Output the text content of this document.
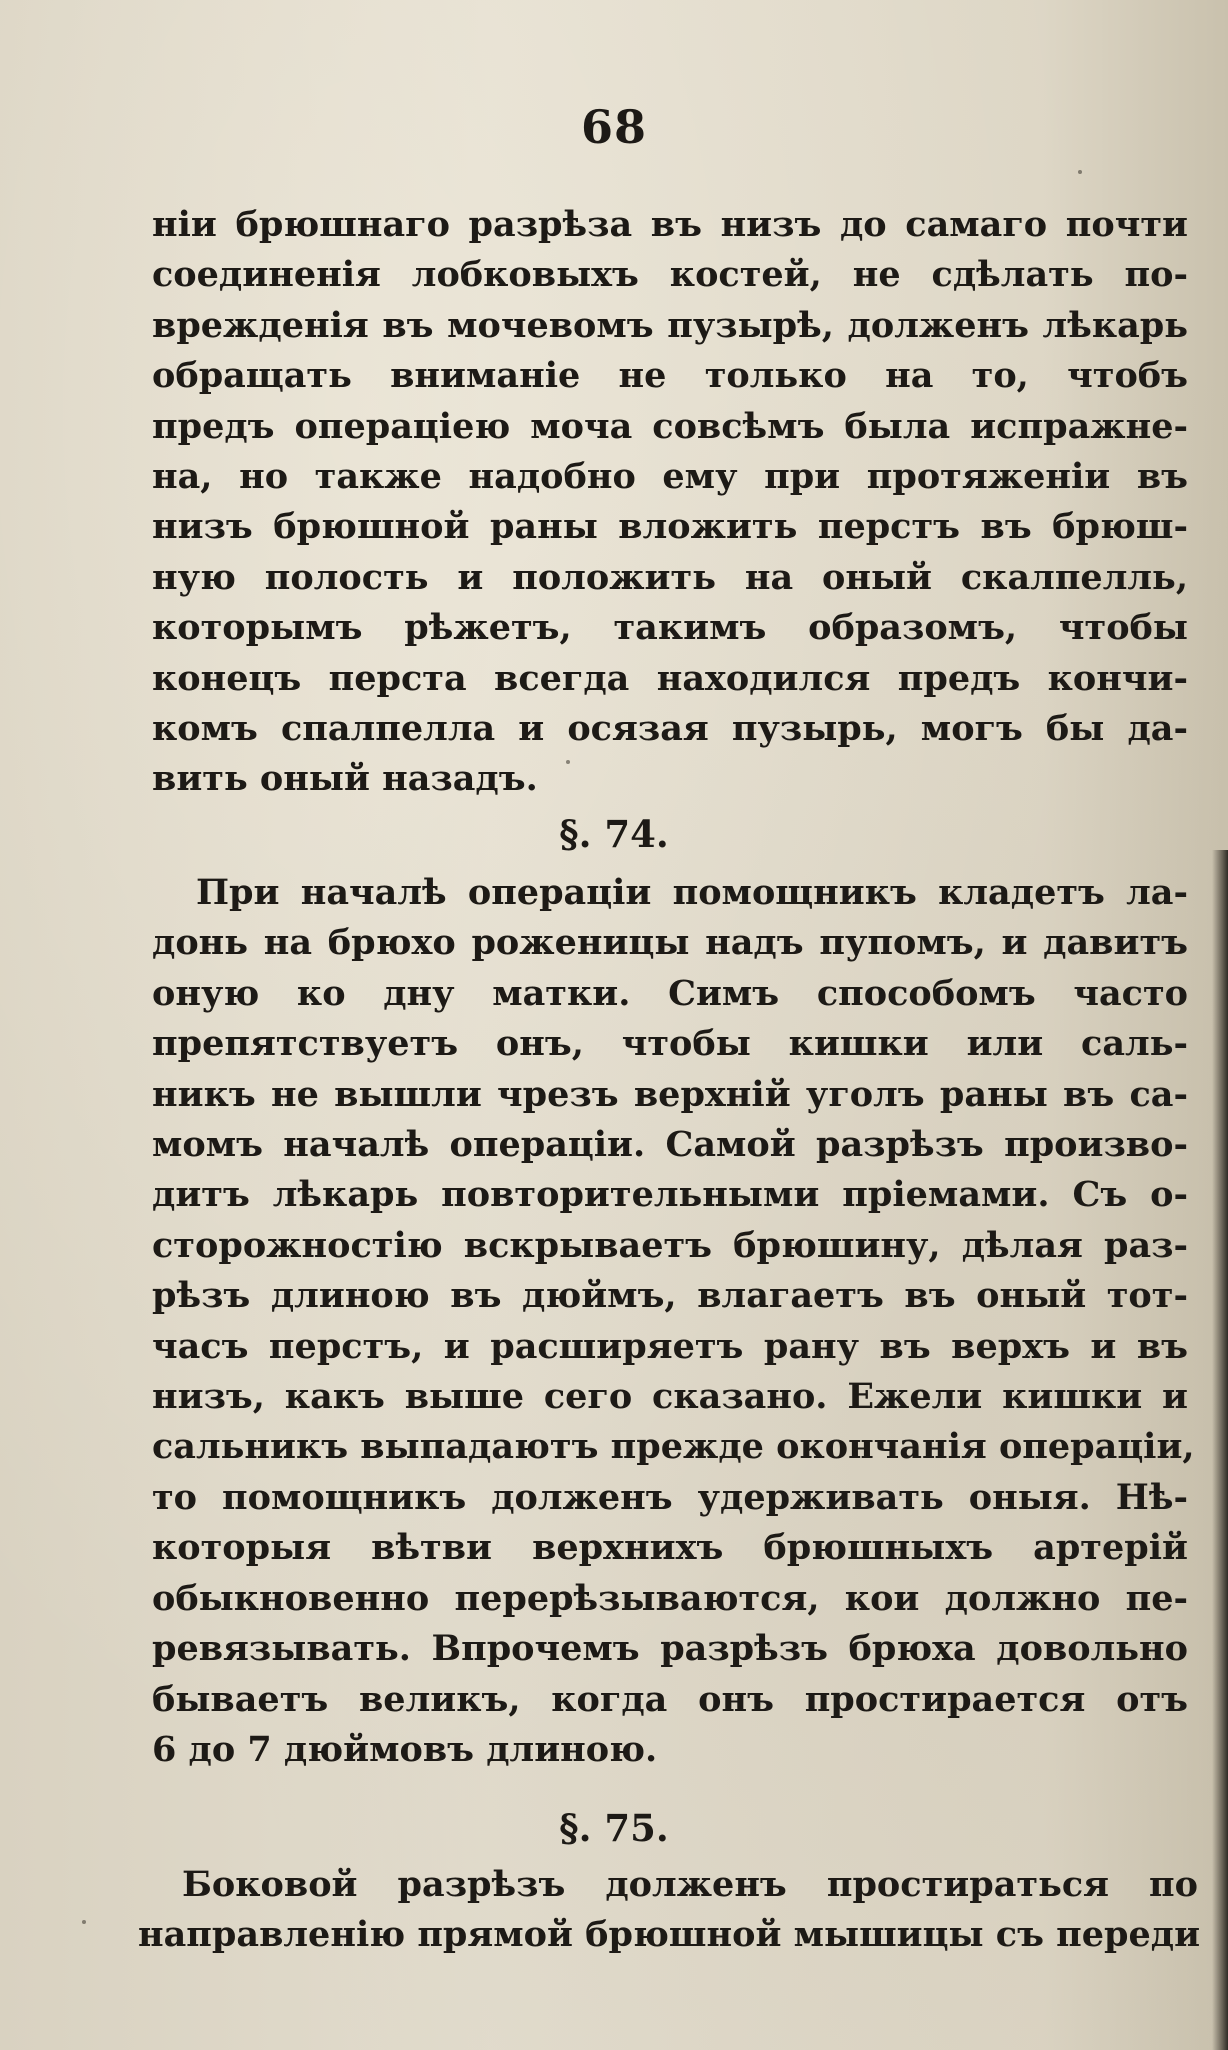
68
нiи брюшнаго разрѣза въ низъ до самаго почти
соединенiя лобковыхъ костей, не сдѣлать по-
врежденiя въ мочевомъ пузырѣ, долженъ лѣкарь
обращать вниманiе не только на то, чтобъ
предъ операцiею моча совсѣмъ была испражне-
на, но также надобно ему при протяженiи въ
низъ брюшной раны вложить перстъ въ брюш-
ную полость и положить на оный скалпелль,
которымъ рѣжетъ, такимъ образомъ, чтобы
конецъ перста всегда находился предъ кончи-
комъ спалпелла и осязая пузырь, могъ бы да-
вить оный назадъ.
§. 74.
При началѣ операцiи помощникъ кладетъ ла-
донь на брюхо роженицы надъ пупомъ, и давитъ
оную ко дну матки. Симъ способомъ часто
препятствуетъ онъ, чтобы кишки или саль-
никъ не вышли чрезъ верхнiй уголъ раны въ са-
момъ началѣ операцiи. Самой разрѣзъ произво-
дитъ лѣкарь повторительными прiемами. Съ о-
сторожностiю вскрываетъ брюшину, дѣлая раз-
рѣзъ длиною въ дюймъ, влагаетъ въ оный тот-
часъ перстъ, и расширяетъ рану въ верхъ и въ
низъ, какъ выше сего сказано. Ежели кишки и
сальникъ выпадаютъ прежде окончанiя операцiи,
то помощникъ долженъ удерживать оныя. Нѣ-
которыя вѣтви верхнихъ брюшныхъ артерiй
обыкновенно перерѣзываются, кои должно пе-
ревязывать. Впрочемъ разрѣзъ брюха довольно
бываетъ великъ, когда онъ простирается отъ
6 до 7 дюймовъ длиною.
§. 75.
Боковой разрѣзъ долженъ простираться по
направленiю прямой брюшной мышицы съ переди
